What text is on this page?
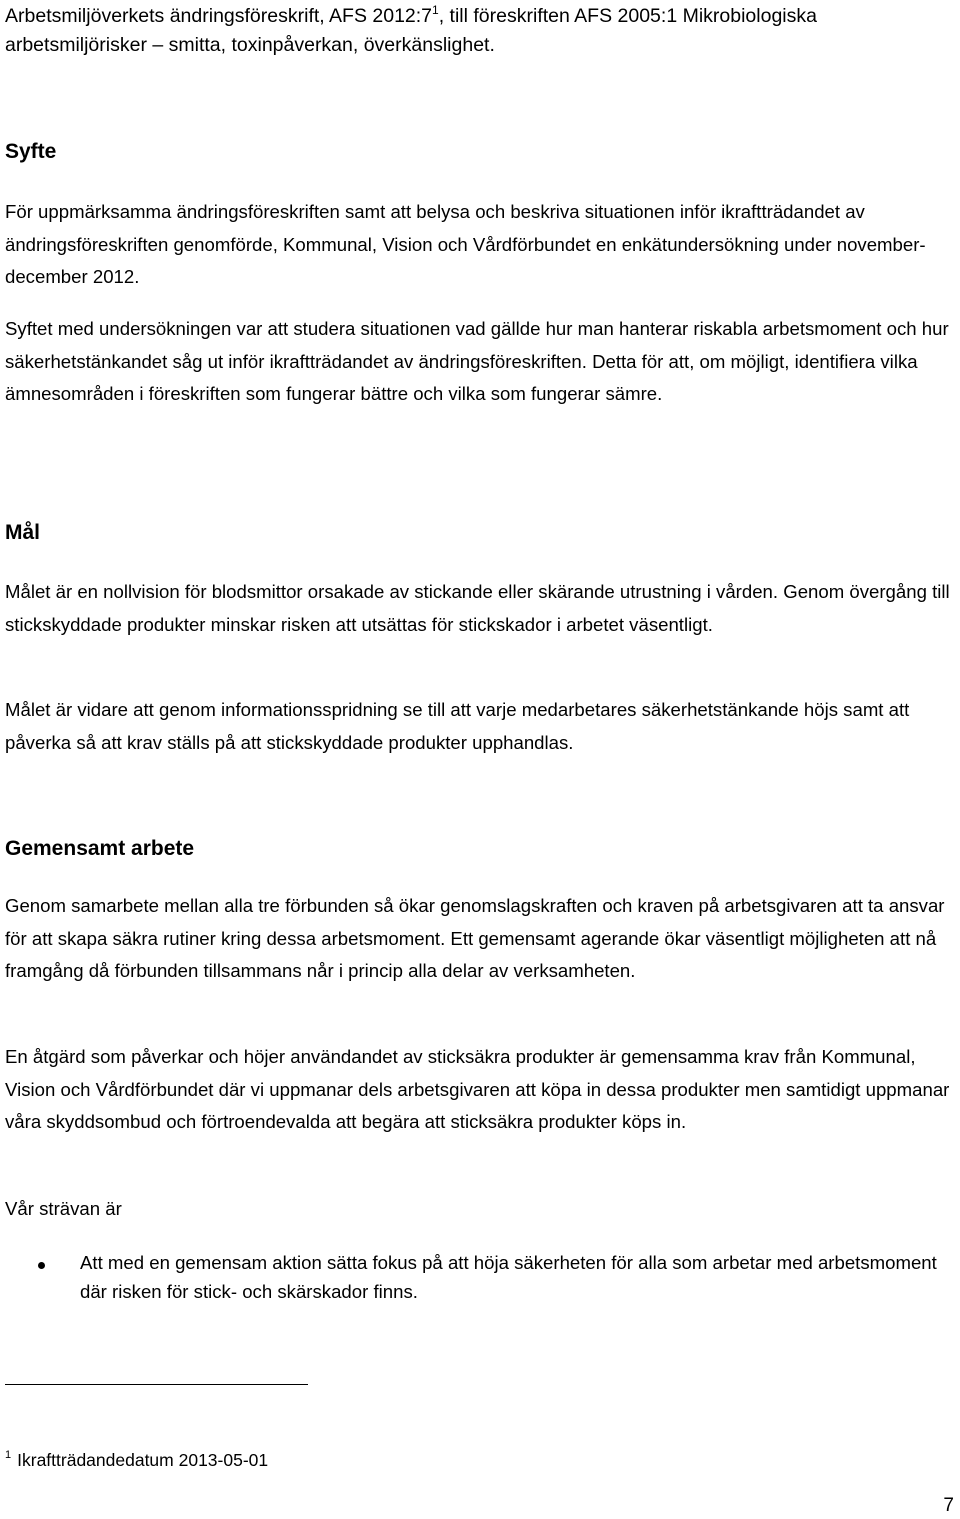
Arbetsmiljöverkets ändringsföreskrift, AFS $2012:7^1$, till föreskriften AFS 2005:1 Mikrobiologiska arbetsmiljörisker – smitta, toxinpåverkan, överkänslighet.
Syfte
För uppmärksamma ändringsföreskriften samt att belysa och beskriva situationen inför ikraftträdandet av ändringsföreskriften genomförde, Kommunal, Vision och Vårdförbundet en enkätundersökning under november-december 2012.
Syftet med undersökningen var att studera situationen vad gällde hur man hanterar riskabla arbetsmoment och hur säkerhetstänkandet såg ut inför ikraftträdandet av ändringsföreskriften. Detta för att, om möjligt, identifiera vilka ämnesområden i föreskriften som fungerar bättre och vilka som fungerar sämre.
Mål
Målet är en nollvision för blodsmittor orsakade av stickande eller skärande utrustning i vården. Genom övergång till stickskyddade produkter minskar risken att utsättas för stickskador i arbetet väsentligt.
Målet är vidare att genom informationsspridning se till att varje medarbetares säkerhetstänkande höjs samt att påverka så att krav ställs på att stickskyddade produkter upphandlas.
Gemensamt arbete
Genom samarbete mellan alla tre förbunden så ökar genomslagskraften och kraven på arbetsgivaren att ta ansvar för att skapa säkra rutiner kring dessa arbetsmoment. Ett gemensamt agerande ökar väsentligt möjligheten att nå framgång då förbunden tillsammans når i princip alla delar av verksamheten.
En åtgärd som påverkar och höjer användandet av sticksäkra produkter är gemensamma krav från Kommunal, Vision och Vårdförbundet där vi uppmanar dels arbetsgivaren att köpa in dessa produkter men samtidigt uppmanar våra skyddsombud och förtroendevalda att begära att sticksäkra produkter köps in.
Vår strävan är
Att med en gemensam aktion sätta fokus på att höja säkerheten för alla som arbetar med arbetsmoment där risken för stick- och skärskador finns.
$^1$ Ikraftträdandedatum 2013-05-01
7
